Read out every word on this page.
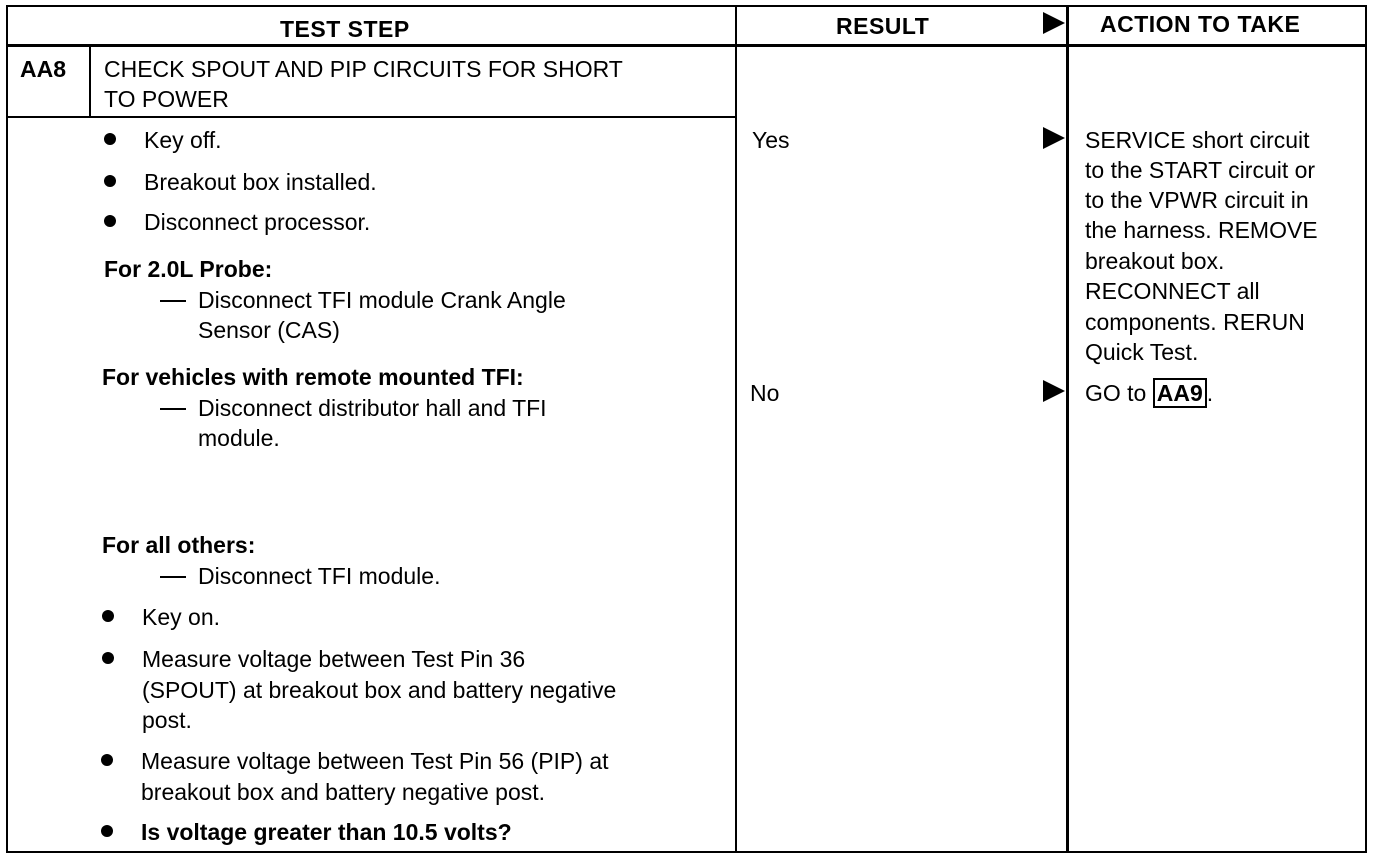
TEST STEP	RESULT	ACTION TO TAKE
AA8 CHECK SPOUT AND PIP CIRCUITS FOR SHORT
TO POWER
Key off.
Breakout box installed.
Disconnect processor.
For 2.0L Probe:
Disconnect TFI module Crank Angle
Sensor (CAS)
For vehicles with remote mounted TFI:
Disconnect distributor hall and TFI
module.
For all others:
Disconnect TFI module.
Key on.
Measure voltage between Test Pin 36
(SPOUT) at breakout box and battery negative
post.
Measure voltage between Test Pin 56 (PIP) at
breakout box and battery negative post.
Is voltage greater than 10.5 volts?
Yes
No
SERVICE short circuit
to the START circuit or
to the VPWR circuit in
the harness. REMOVE
breakout box.
RECONNECT all
components. RERUN
Quick Test.
GO to AA9 .
